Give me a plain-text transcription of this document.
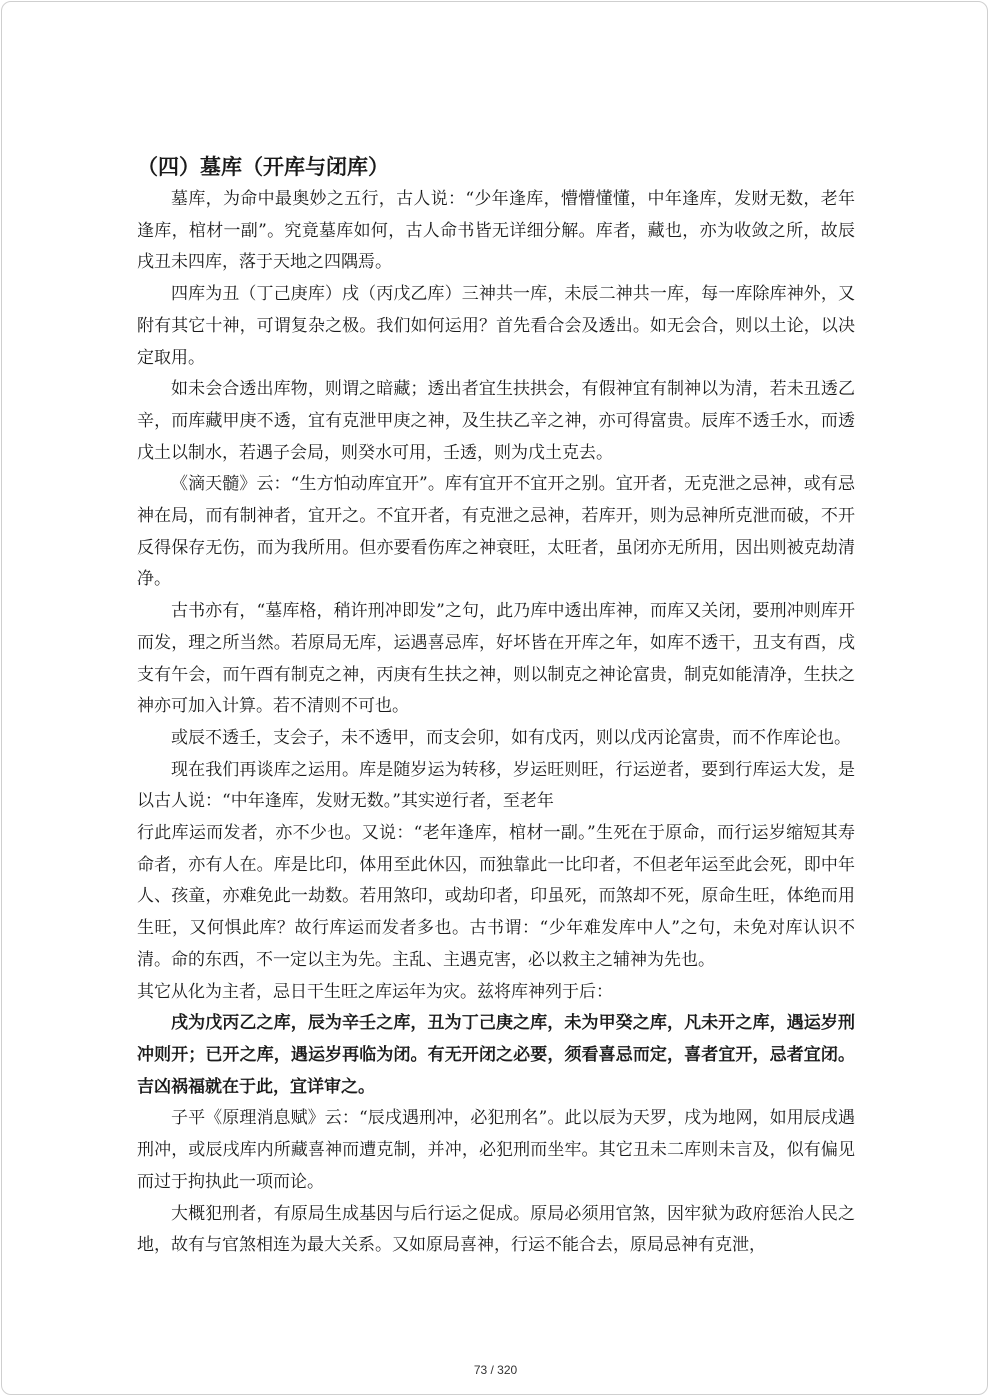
（四）墓库（开库与闭库）

墓库，为命中最奥妙之五行，古人说：“少年逢库，懵懵懂懂，中年逢库，发财无数，老年逢库，棺材一副”。究竟墓库如何，古人命书皆无详细分解。库者，藏也，亦为收敛之所，故辰戌丑未四库，落于天地之四隅焉。

四库为丑（丁己庚库）戌（丙戊乙库）三神共一库，未辰二神共一库，每一库除库神外，又附有其它十神，可谓复杂之极。我们如何运用？首先看合会及透出。如无会合，则以土论，以决定取用。

如未会合透出库物，则谓之暗藏；透出者宜生扶拱会，有假神宜有制神以为清，若未丑透乙辛，而库藏甲庚不透，宜有克泄甲庚之神，及生扶乙辛之神，亦可得富贵。辰库不透壬水，而透戊土以制水，若遇子会局，则癸水可用，壬透，则为戊土克去。

《滴天髓》云：“生方怕动库宜开”。库有宜开不宜开之别。宜开者，无克泄之忌神，或有忌神在局，而有制神者，宜开之。不宜开者，有克泄之忌神，若库开，则为忌神所克泄而破，不开反得保存无伤，而为我所用。但亦要看伤库之神衰旺，太旺者，虽闭亦无所用，因出则被克劫清净。

古书亦有，“墓库格，稍许刑冲即发”之句，此乃库中透出库神，而库又关闭，要刑冲则库开而发，理之所当然。若原局无库，运遇喜忌库，好坏皆在开库之年，如库不透干，丑支有酉，戌支有午会，而午酉有制克之神，丙庚有生扶之神，则以制克之神论富贵，制克如能清净，生扶之神亦可加入计算。若不清则不可也。

或辰不透壬，支会子，未不透甲，而支会卯，如有戊丙，则以戊丙论富贵，而不作库论也。

现在我们再谈库之运用。库是随岁运为转移，岁运旺则旺，行运逆者，要到行库运大发，是以古人说：“中年逢库，发财无数。”其实逆行者，至老年

行此库运而发者，亦不少也。又说：“老年逢库，棺材一副。”生死在于原命，而行运岁缩短其寿命者，亦有人在。库是比印，体用至此休囚，而独靠此一比印者，不但老年运至此会死，即中年人、孩童，亦难免此一劫数。若用煞印，或劫印者，印虽死，而煞却不死，原命生旺，体绝而用生旺，又何惧此库？故行库运而发者多也。古书谓：“少年难发库中人”之句，未免对库认识不清。命的东西，不一定以主为先。主乱、主遇克害，必以救主之辅神为先也。

其它从化为主者，忌日干生旺之库运年为灾。兹将库神列于后：

戌为戊丙乙之库，辰为辛壬之库，丑为丁己庚之库，未为甲癸之库，凡未开之库，遇运岁刑冲则开；已开之库，遇运岁再临为闭。有无开闭之必要，须看喜忌而定，喜者宜开，忌者宜闭。吉凶祸福就在于此，宜详审之。

子平《原理消息赋》云：“辰戌遇刑冲，必犯刑名”。此以辰为天罗，戌为地网，如用辰戌遇刑冲，或辰戌库内所藏喜神而遭克制，并冲，必犯刑而坐牢。其它丑未二库则未言及，似有偏见而过于拘执此一项而论。

大概犯刑者，有原局生成基因与后行运之促成。原局必须用官煞，因牢狱为政府惩治人民之地，故有与官煞相连为最大关系。又如原局喜神，行运不能合去，原局忌神有克泄，

73 / 320
